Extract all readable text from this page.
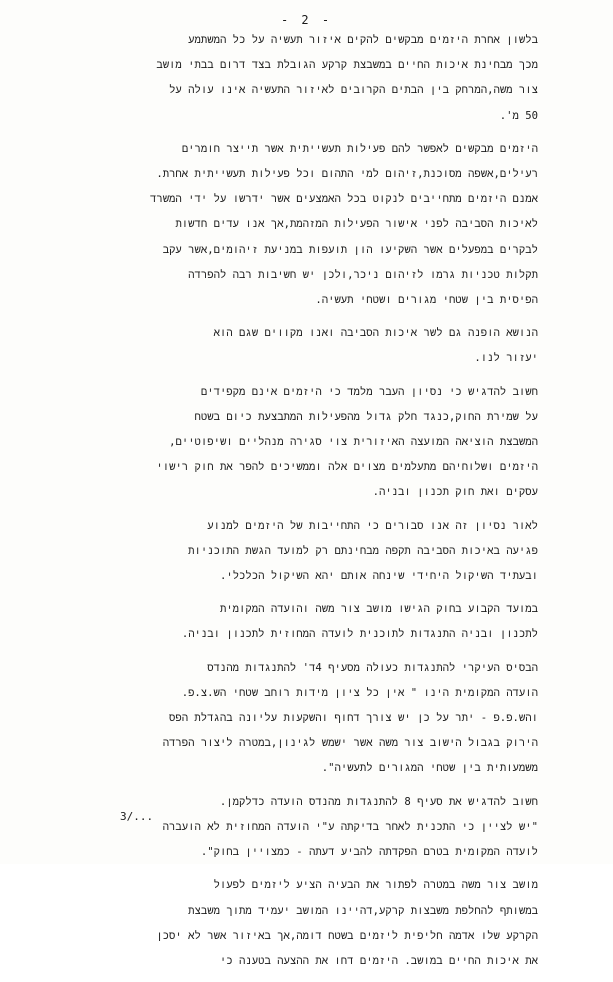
- 2 -
בלשון אחרת היזמים מבקשים להקים איזור תעשיה על כל המשתמע
מכך מבחינת איכות החיים במשבצת קרקע הגובלת בצד דרום בבתי מושב
צור משה,המרחק בין הבתים הקרובים לאיזור התעשיה אינו עולה על
50 מ'.
היזמים מבקשים לאפשר להם פעילות תעשייתית אשר תייצר חומרים
רעילים,אשפה מסוכנת,זיהום למי התהום וכל פעילות תעשייתית אחרת.
אמנם היזמים מתחייבים לנקוט בכל האמצעים אשר ידרשו על ידי המשרד
לאיכות הסביבה לפני אישור הפעילות המזהמת,אך אנו עדים חדשות
לבקרים במפעלים אשר השקיעו הון תועפות במניעת זיהומים,אשר עקב
תקלות טכניות גרמו לזיהום ניכר,ולכן יש חשיבות רבה להפרדה
הפיסית בין שטחי מגורים ושטחי תעשיה.
הנושא הופנה גם לשר איכות הסביבה ואנו מקווים שגם הוא
יעזור לנו.
חשוב להדגיש כי נסיון העבר מלמד כי היזמים אינם מקפידים
על שמירת החוק,כנגד חלק גדול מהפעילות המתבצעת כיום בשטח
המשבצת הוציאה המועצה האיזורית צוי סגירה מנהליים ושיפוטיים,
היזמים ושלוחיהם מתעלמים מצוים אלה וממשיכים להפר את חוק רישוי
עסקים ואת חוק תכנון ובניה.
לאור נסיון זה אנו סבורים כי התחייבות של היזמים למנוע
פגיעה באיכות הסביבה תקפה מבחינתם רק למועד הגשת התוכניות
ובעתיד השיקול היחידי שינחה אותם יהא השיקול הכלכלי.
במועד הקבוע בחוק הגישו מושב צור משה והועדה המקומית
לתכנון ובניה התנגדות לתוכנית לועדה המחוזית לתכנון ובניה.
הבסיס העיקרי להתנגדות כעולה מסעיף 4ד' להתנגדות מהנדס
הועדה המקומית הינו " אין כל ציון מידות רוחב שטחי הש.צ.פ.
והש.פ.פ - יתר על כן יש צורך דחוף והשקעות עליונה בהגדלת הפס
הירוק בגבול הישוב צור משה אשר ישמש לגינון,במטרה ליצור הפרדה
משמעותית בין שטחי המגורים לתעשיה".
חשוב להדגיש את סעיף 8 להתנגדות מהנדס הועדה כדלקמן.
"יש לציין כי התכנית לאחר בדיקתה ע"י הועדה המחוזית לא הועברה
לועדה המקומית בטרם הפקדתה להביע דעתה - כמצויין בחוק".
מושב צור משה במטרה לפתור את הבעיה הציע ליזמים לפעול
במשותף להחלפת משבצות קרקע,דהיינו המושב יעמיד מתוך משבצת
הקרקע שלו אדמה חליפית ליזמים בשטח דומה,אך באיזור אשר לא יסכן
את איכות החיים במושב. היזמים דחו את ההצעה בטענה כי
3/...
